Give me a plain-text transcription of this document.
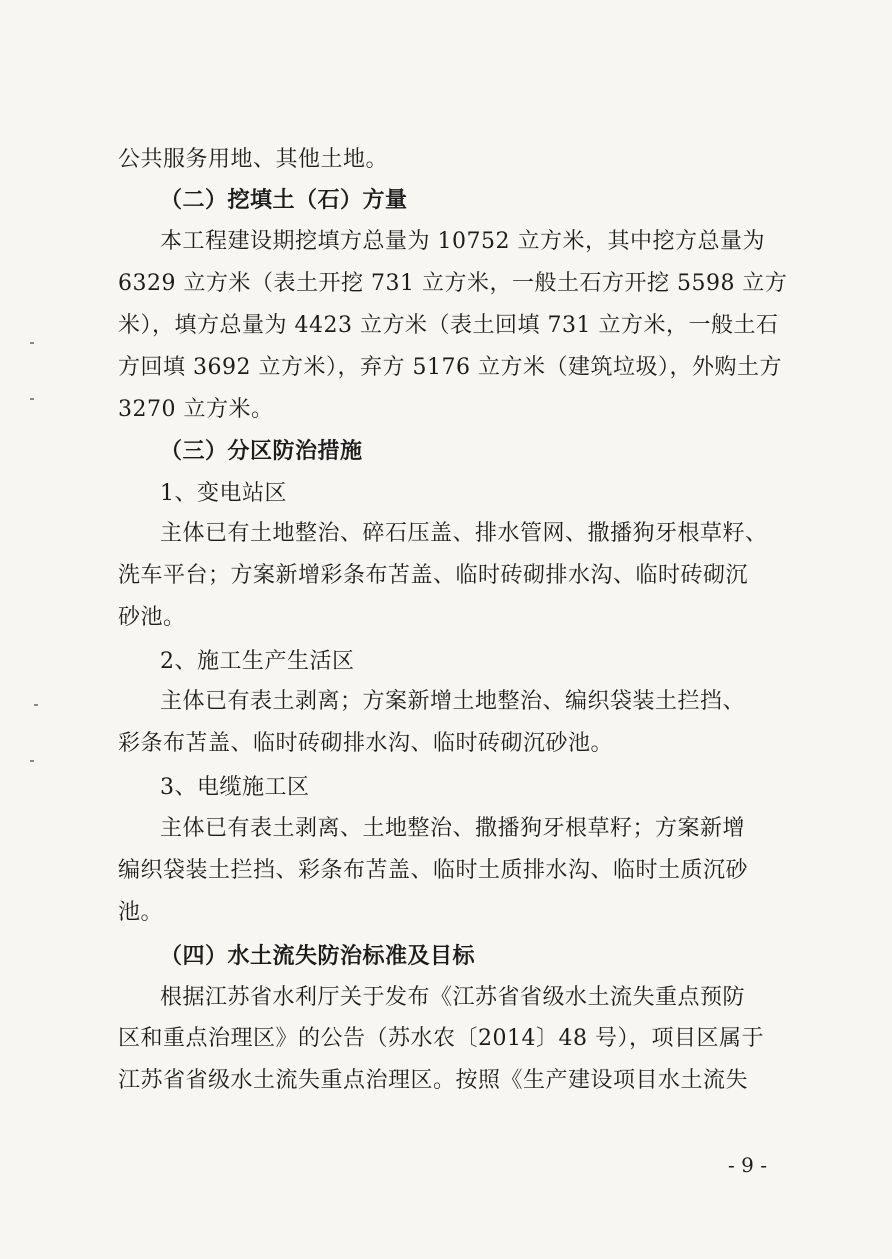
公共服务用地、其他土地。
（二）挖填土（石）方量
本工程建设期挖填方总量为 10752 立方米，其中挖方总量为
6329 立方米（表土开挖 731 立方米，一般土石方开挖 5598 立方
米），填方总量为 4423 立方米（表土回填 731 立方米，一般土石
方回填 3692 立方米），弃方 5176 立方米（建筑垃圾），外购土方
3270 立方米。
（三）分区防治措施
1、变电站区
主体已有土地整治、碎石压盖、排水管网、撒播狗牙根草籽、
洗车平台；方案新增彩条布苫盖、临时砖砌排水沟、临时砖砌沉
砂池。
2、施工生产生活区
主体已有表土剥离；方案新增土地整治、编织袋装土拦挡、
彩条布苫盖、临时砖砌排水沟、临时砖砌沉砂池。
3、电缆施工区
主体已有表土剥离、土地整治、撒播狗牙根草籽；方案新增
编织袋装土拦挡、彩条布苫盖、临时土质排水沟、临时土质沉砂
池。
（四）水土流失防治标准及目标
根据江苏省水利厅关于发布《江苏省省级水土流失重点预防
区和重点治理区》的公告（苏水农〔2014〕48 号），项目区属于
江苏省省级水土流失重点治理区。按照《生产建设项目水土流失
- 9 -
